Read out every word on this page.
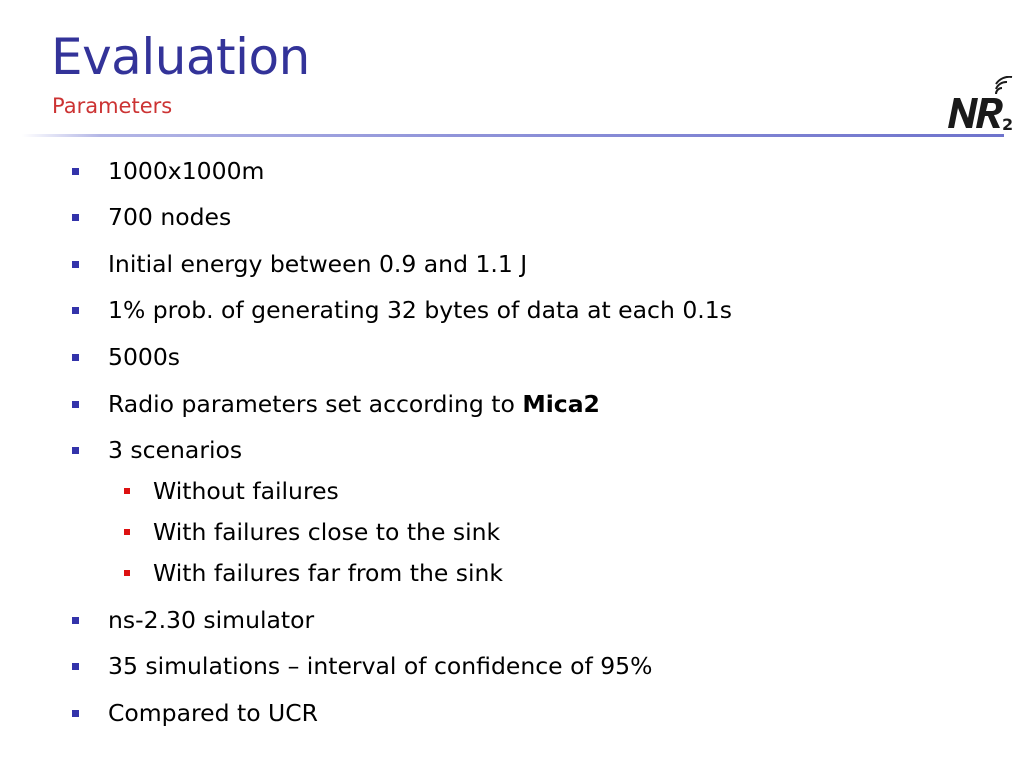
Evaluation
Parameters
2
1000x1000m
700 nodes
Initial energy between 0.9 and 1.1 J
1% prob. of generating 32 bytes of data at each 0.1s
5000s
Radio parameters set according to Mica2
3 scenarios
Without failures
With failures close to the sink
With failures far from the sink
ns-2.30 simulator
35 simulations – interval of confidence of 95%
Compared to UCR
